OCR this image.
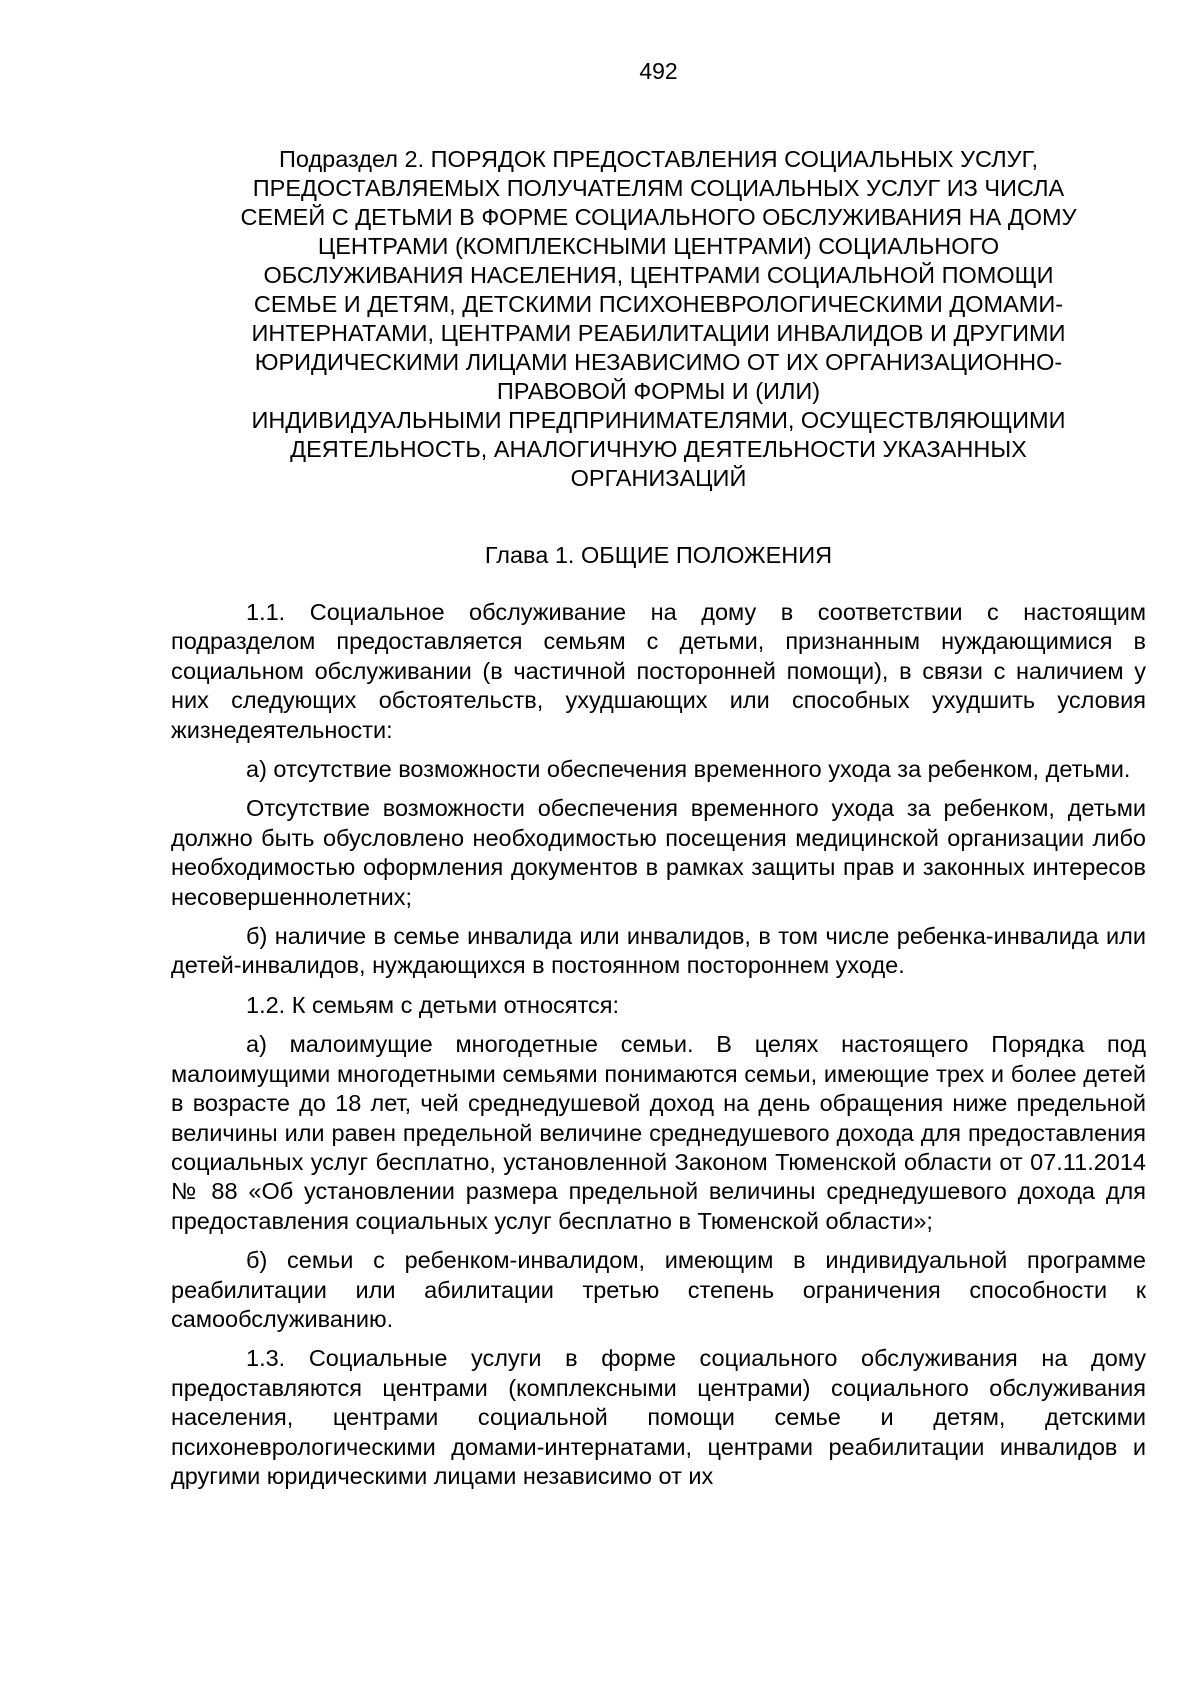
492
Подраздел 2. ПОРЯДОК ПРЕДОСТАВЛЕНИЯ СОЦИАЛЬНЫХ УСЛУГ,
ПРЕДОСТАВЛЯЕМЫХ ПОЛУЧАТЕЛЯМ СОЦИАЛЬНЫХ УСЛУГ ИЗ ЧИСЛА
СЕМЕЙ С ДЕТЬМИ В ФОРМЕ СОЦИАЛЬНОГО ОБСЛУЖИВАНИЯ НА ДОМУ
ЦЕНТРАМИ (КОМПЛЕКСНЫМИ ЦЕНТРАМИ) СОЦИАЛЬНОГО
ОБСЛУЖИВАНИЯ НАСЕЛЕНИЯ, ЦЕНТРАМИ СОЦИАЛЬНОЙ ПОМОЩИ
СЕМЬЕ И ДЕТЯМ, ДЕТСКИМИ ПСИХОНЕВРОЛОГИЧЕСКИМИ ДОМАМИ-
ИНТЕРНАТАМИ, ЦЕНТРАМИ РЕАБИЛИТАЦИИ ИНВАЛИДОВ И ДРУГИМИ
ЮРИДИЧЕСКИМИ ЛИЦАМИ НЕЗАВИСИМО ОТ ИХ ОРГАНИЗАЦИОННО-
ПРАВОВОЙ ФОРМЫ И (ИЛИ)
ИНДИВИДУАЛЬНЫМИ ПРЕДПРИНИМАТЕЛЯМИ, ОСУЩЕСТВЛЯЮЩИМИ
ДЕЯТЕЛЬНОСТЬ, АНАЛОГИЧНУЮ ДЕЯТЕЛЬНОСТИ УКАЗАННЫХ
ОРГАНИЗАЦИЙ
Глава 1. ОБЩИЕ ПОЛОЖЕНИЯ

1.1. Социальное обслуживание на дому в соответствии с настоящим подразделом предоставляется семьям с детьми, признанным нуждающимися в социальном обслуживании (в частичной посторонней помощи), в связи с наличием у них следующих обстоятельств, ухудшающих или способных ухудшить условия жизнедеятельности:

а) отсутствие возможности обеспечения временного ухода за ребенком, детьми.

Отсутствие возможности обеспечения временного ухода за ребенком, детьми должно быть обусловлено необходимостью посещения медицинской организации либо необходимостью оформления документов в рамках защиты прав и законных интересов несовершеннолетних;

б) наличие в семье инвалида или инвалидов, в том числе ребенка-инвалида или детей-инвалидов, нуждающихся в постоянном постороннем уходе.

1.2. К семьям с детьми относятся:

а) малоимущие многодетные семьи. В целях настоящего Порядка под малоимущими многодетными семьями понимаются семьи, имеющие трех и более детей в возрасте до 18 лет, чей среднедушевой доход на день обращения ниже предельной величины или равен предельной величине среднедушевого дохода для предоставления социальных услуг бесплатно, установленной Законом Тюменской области от 07.11.2014 № 88 «Об установлении размера предельной величины среднедушевого дохода для предоставления социальных услуг бесплатно в Тюменской области»;

б) семьи с ребенком-инвалидом, имеющим в индивидуальной программе реабилитации или абилитации третью степень ограничения способности к самообслуживанию.

1.3. Социальные услуги в форме социального обслуживания на дому предоставляются центрами (комплексными центрами) социального обслуживания населения, центрами социальной помощи семье и детям, детскими психоневрологическими домами-интернатами, центрами реабилитации инвалидов и другими юридическими лицами независимо от их
